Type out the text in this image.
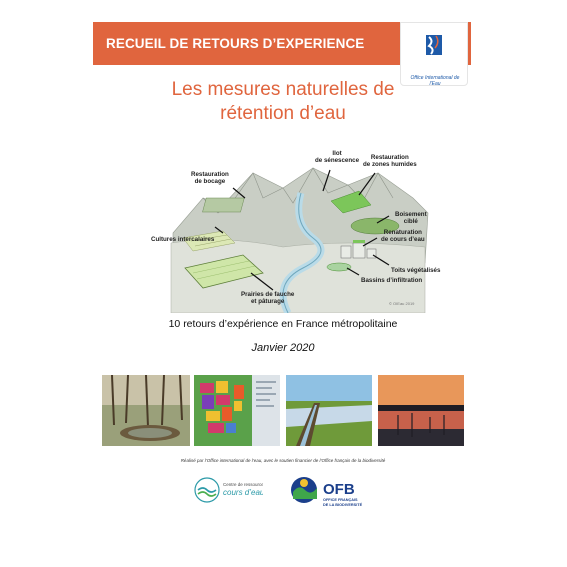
RECUEIL DE RETOURS D’EXPERIENCE
Office International de l’Eau
Les mesures naturelles de
rétention d’eau
Ilot
de sénescence	Restauration
de zones humides
Restauration
de bocage
Boisement
ciblé
Cultures intercalaires
Renaturation
de cours d’eau
Toits végétalisés
Bassins d’infiltration
Prairies de fauche
et pâturage	© OIEau 2019
10 retours d’expérience en France métropolitaine
Janvier 2020
Réalisé par l’Office international de l’eau, avec le soutien financier de l’Office français de la biodiversité
Centre de ressources
cours d’eau	OFB
OFFICE FRANÇAIS
DE LA BIODIVERSITÉ
